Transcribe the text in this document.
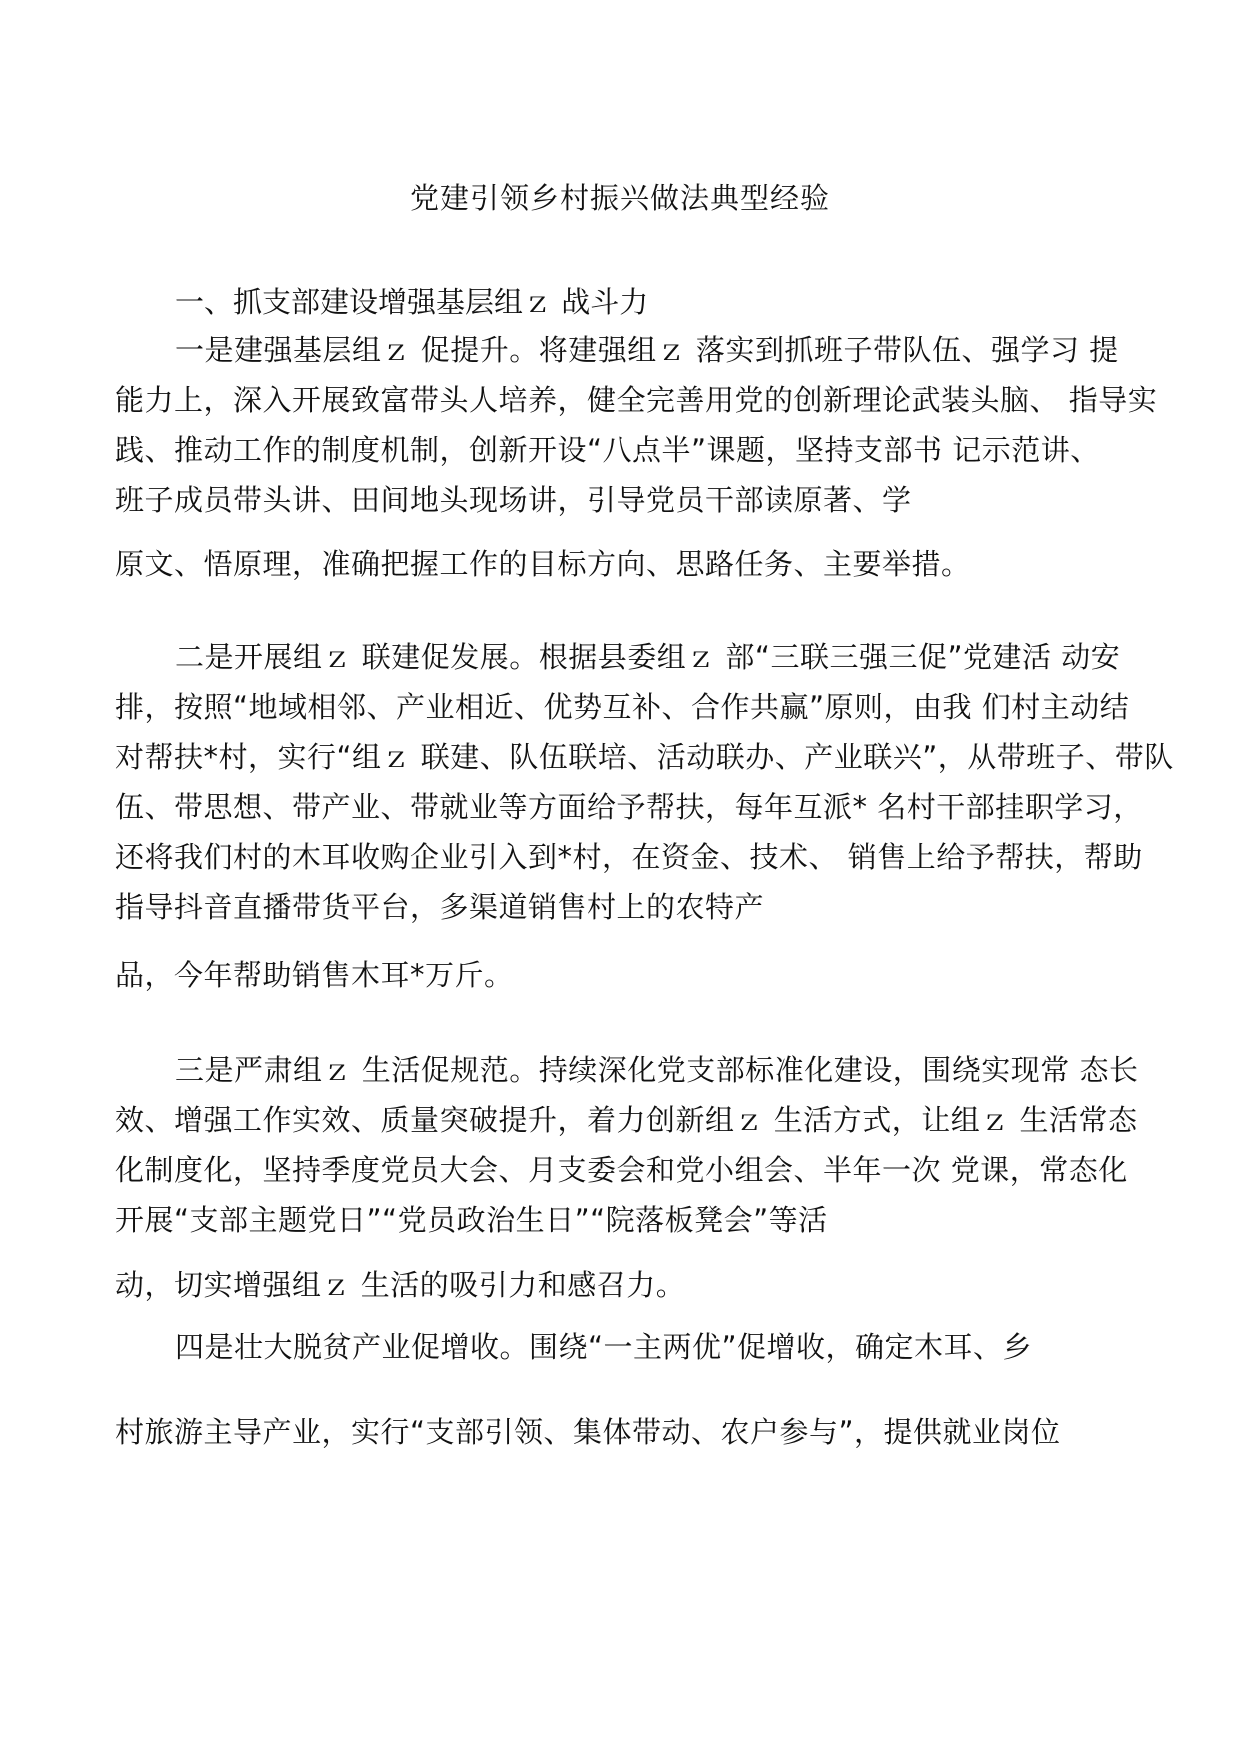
党建引领乡村振兴做法典型经验
一、抓支部建设增强基层组ｚ 战斗力
一是建强基层组ｚ 促提升。将建强组ｚ 落实到抓班子带队伍、强学习 提
能力上，深入开展致富带头人培养，健全完善用党的创新理论武装头脑、 指导实
践、推动工作的制度机制，创新开设“八点半”课题，坚持支部书 记示范讲、
班子成员带头讲、田间地头现场讲，引导党员干部读原著、学
原文、悟原理，准确把握工作的目标方向、思路任务、主要举措。
二是开展组ｚ 联建促发展。根据县委组ｚ 部“三联三强三促”党建活 动安
排，按照“地域相邻、产业相近、优势互补、合作共赢”原则，由我 们村主动结
对帮扶*村，实行“组ｚ 联建、队伍联培、活动联办、产业联兴”，从带班子、带队
伍、带思想、带产业、带就业等方面给予帮扶，每年互派* 名村干部挂职学习，
还将我们村的木耳收购企业引入到*村，在资金、技术、 销售上给予帮扶，帮助
指导抖音直播带货平台，多渠道销售村上的农特产
品，今年帮助销售木耳*万斤。
三是严肃组ｚ 生活促规范。持续深化党支部标准化建设，围绕实现常 态长
效、增强工作实效、质量突破提升，着力创新组ｚ 生活方式，让组ｚ 生活常态
化制度化，坚持季度党员大会、月支委会和党小组会、半年一次 党课，常态化
开展“支部主题党日”“党员政治生日”“院落板凳会”等活
动，切实增强组ｚ 生活的吸引力和感召力。
四是壮大脱贫产业促增收。围绕“一主两优”促增收，确定木耳、乡
村旅游主导产业，实行“支部引领、集体带动、农户参与”，提供就业岗位
